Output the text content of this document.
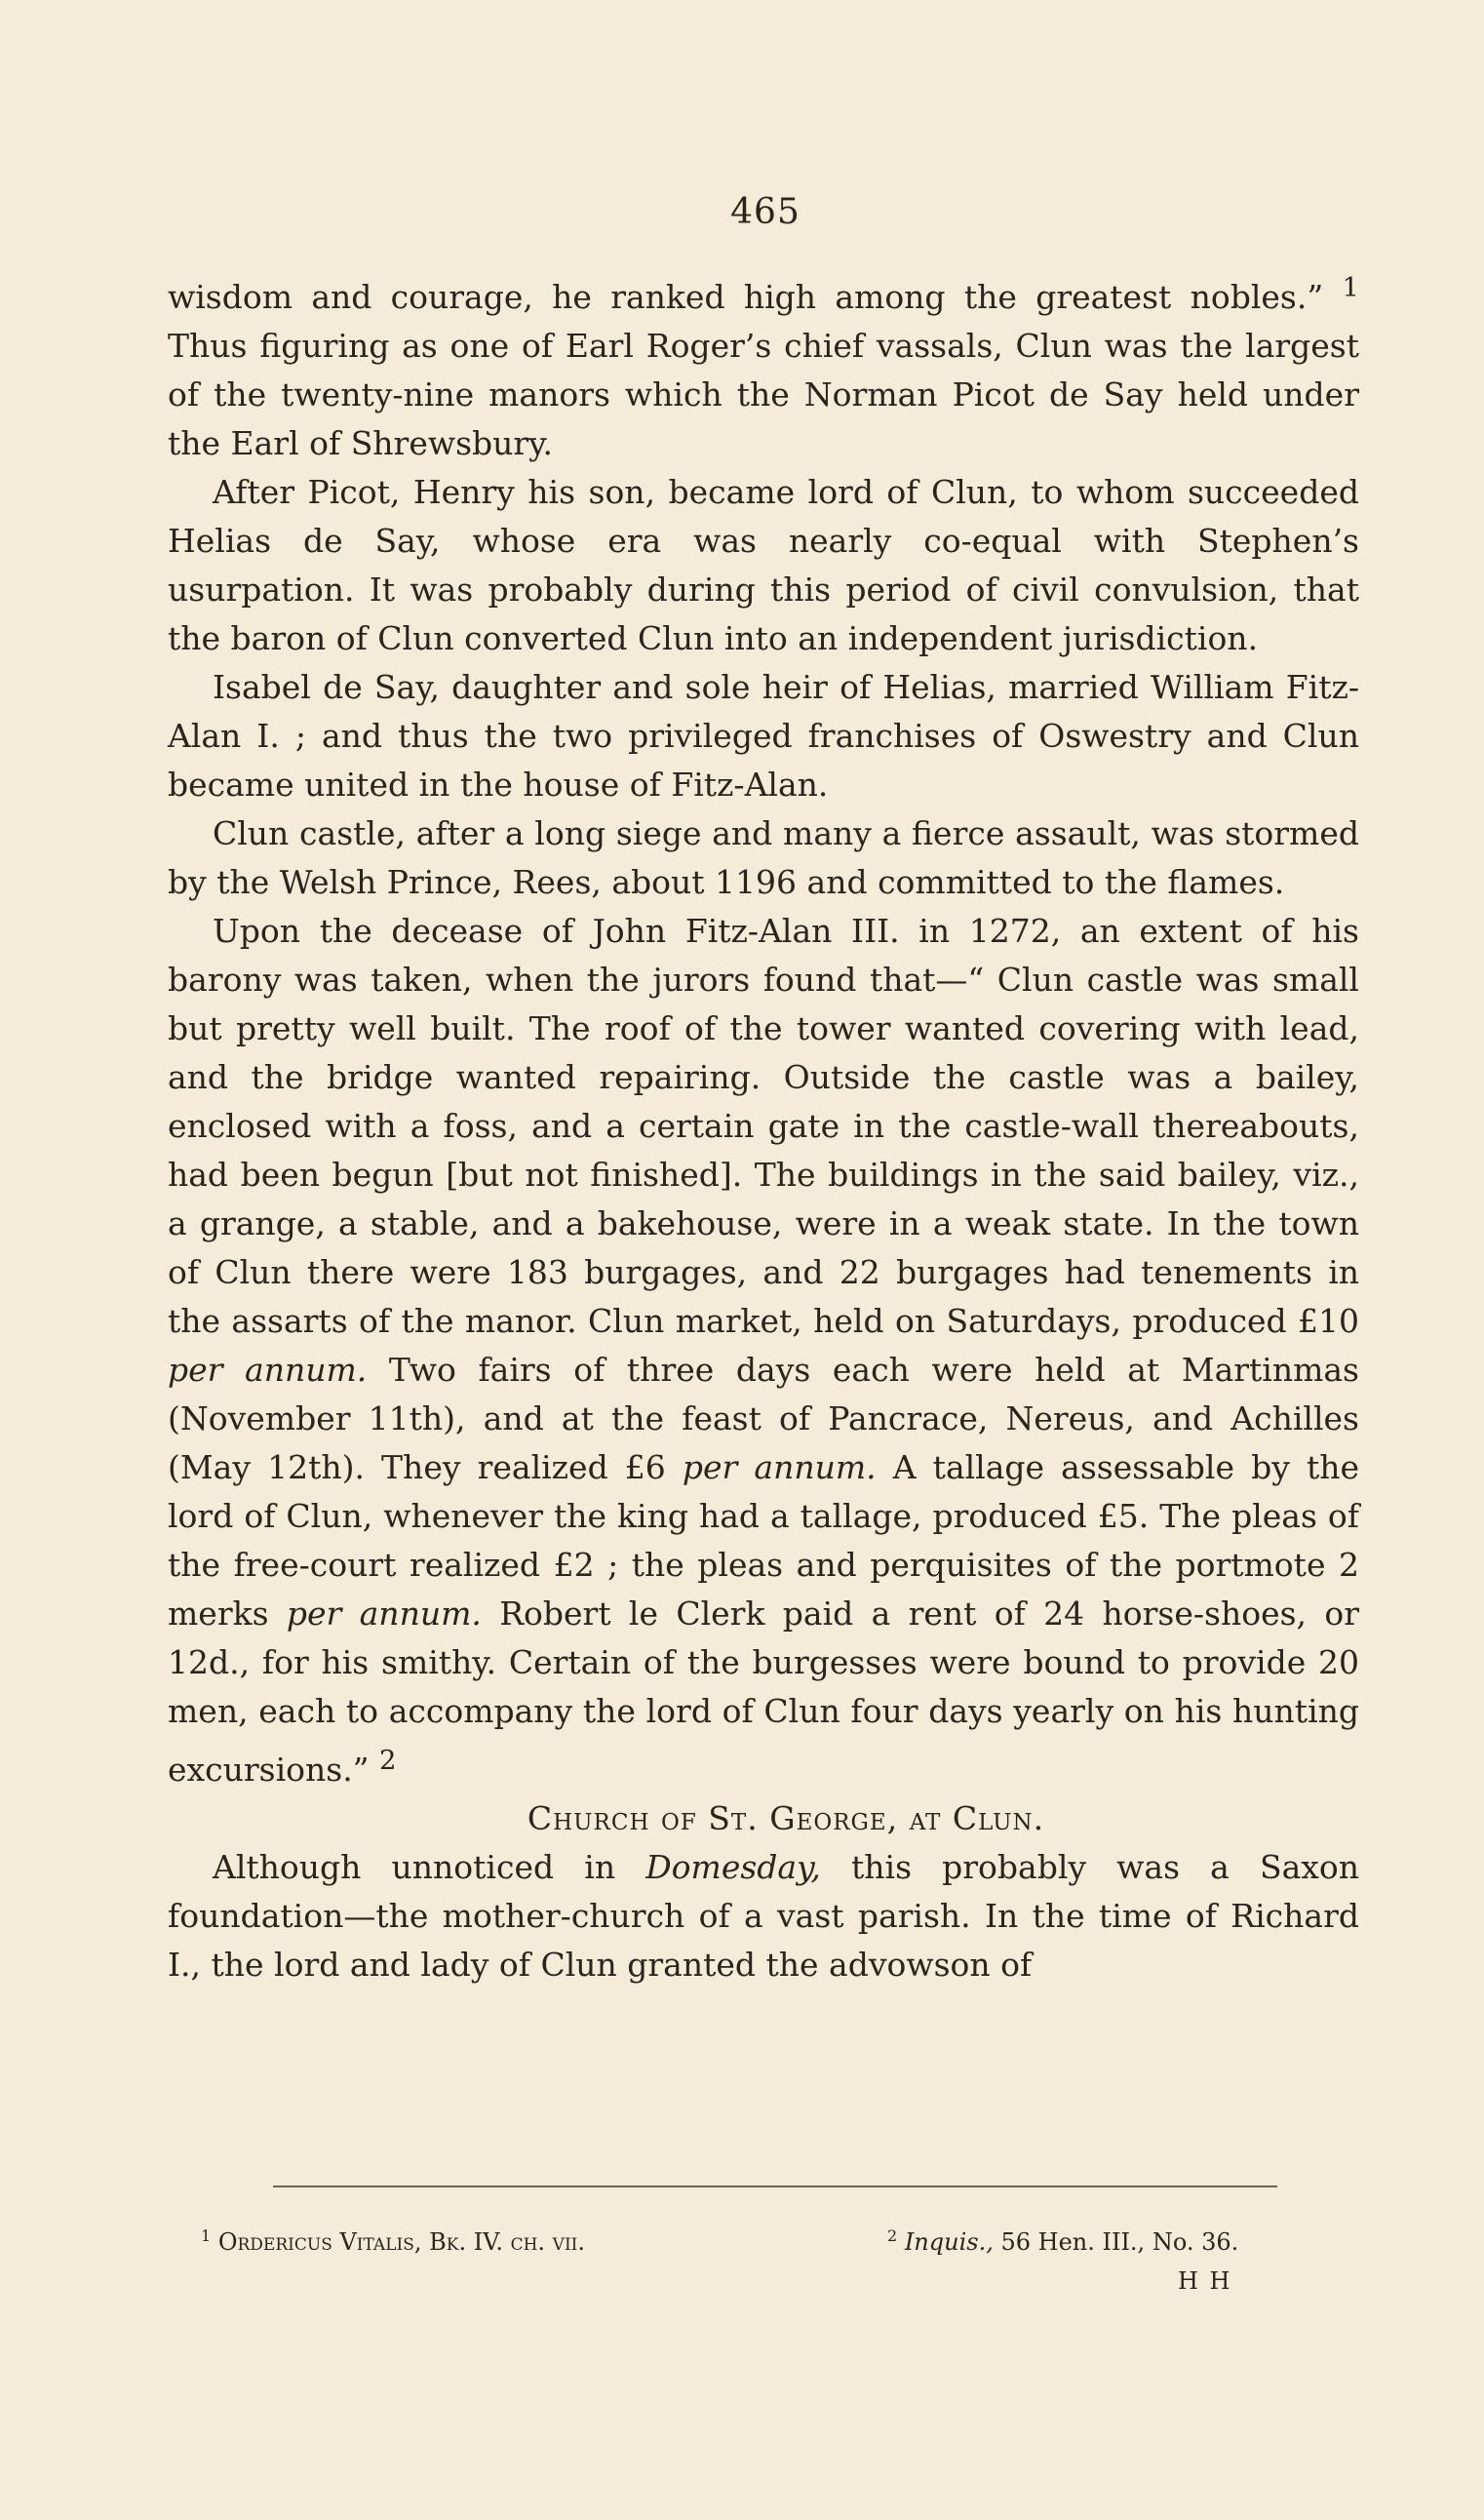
465

wisdom and courage, he ranked high among the greatest nobles.” $^1$ Thus figuring as one of Earl Roger’s chief vassals, Clun was the largest of the twenty-nine manors which the Norman Picot de Say held under the Earl of Shrewsbury.

After Picot, Henry his son, became lord of Clun, to whom succeeded Helias de Say, whose era was nearly co-equal with Stephen’s usurpation. It was probably during this period of civil convulsion, that the baron of Clun converted Clun into an independent jurisdiction.

Isabel de Say, daughter and sole heir of Helias, married William Fitz-Alan I. ; and thus the two privileged franchises of Oswestry and Clun became united in the house of Fitz-Alan.

Clun castle, after a long siege and many a fierce assault, was stormed by the Welsh Prince, Rees, about 1196 and committed to the flames.

Upon the decease of John Fitz-Alan III. in 1272, an extent of his barony was taken, when the jurors found that—“ Clun castle was small but pretty well built. The roof of the tower wanted covering with lead, and the bridge wanted repairing. Outside the castle was a bailey, enclosed with a foss, and a certain gate in the castle-wall thereabouts, had been begun [but not finished]. The buildings in the said bailey, viz., a grange, a stable, and a bakehouse, were in a weak state. In the town of Clun there were 183 burgages, and 22 burgages had tenements in the assarts of the manor. Clun market, held on Saturdays, produced £10 per annum. Two fairs of three days each were held at Martinmas (November 11th), and at the feast of Pancrace, Nereus, and Achilles (May 12th). They realized £6 per annum. A tallage assessable by the lord of Clun, whenever the king had a tallage, produced £5. The pleas of the free-court realized £2 ; the pleas and perquisites of the portmote 2 merks per annum. Robert le Clerk paid a rent of 24 horse-shoes, or 12d., for his smithy. Certain of the burgesses were bound to provide 20 men, each to accompany the lord of Clun four days yearly on his hunting excursions.” $^2$

Church of St. George, at Clun.

Although unnoticed in Domesday, this probably was a Saxon foundation—the mother-church of a vast parish. In the time of Richard I., the lord and lady of Clun granted the advowson of

$^1$ Ordericus Vitalis, Bk. IV. ch. vii.	$^2$ Inquis., 56 Hen. III., No. 36.
H H
